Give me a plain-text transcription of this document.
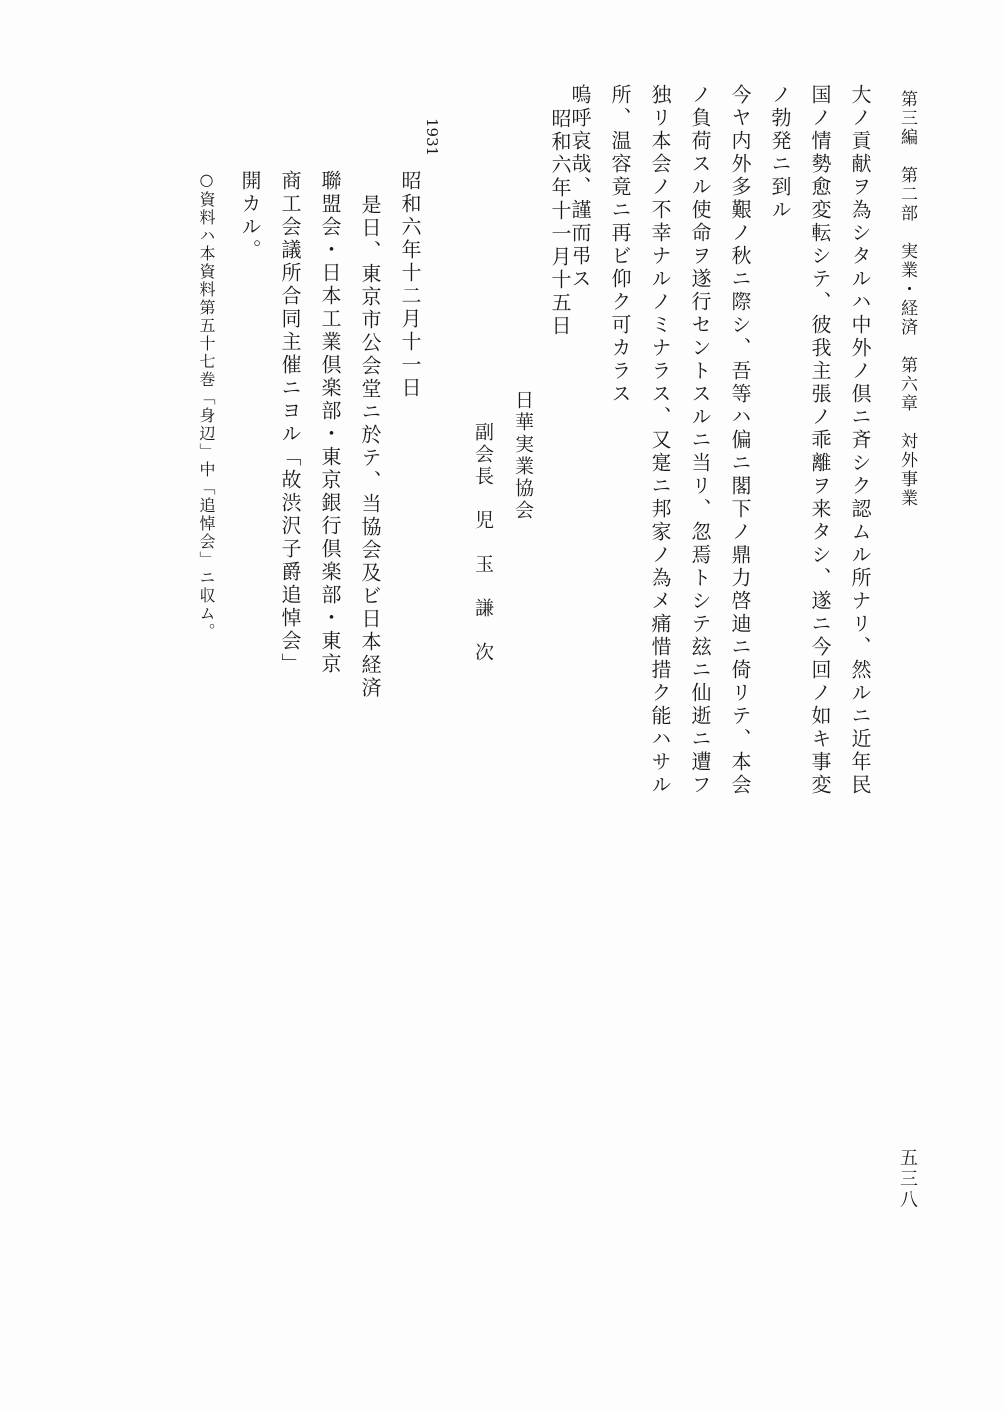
第三編　第二部　実業・経済　第六章　対外事業
大ノ貢献ヲ為シタルハ中外ノ倶ニ斉シク認ムル所ナリ、然ルニ近年民
国ノ情勢愈変転シテ、彼我主張ノ乖離ヲ来タシ、遂ニ今回ノ如キ事変
ノ勃発ニ到ル
今ヤ内外多艱ノ秋ニ際シ、吾等ハ偏ニ閣下ノ鼎力啓迪ニ倚リテ、本会
ノ負荷スル使命ヲ遂行セントスルニ当リ、忽焉トシテ玆ニ仙逝ニ遭フ
独リ本会ノ不幸ナルノミナラス、又寔ニ邦家ノ為メ痛惜措ク能ハサル
所、温容竟ニ再ビ仰ク可カラス
嗚呼哀哉、謹而弔ス
昭和六年十一月十五日
日華実業協会
副会長　児　玉　謙　次
1931
昭和六年十二月十一日
是日、東京市公会堂ニ於テ、当協会及ビ日本経済
聯盟会・日本工業倶楽部・東京銀行倶楽部・東京
商工会議所合同主催ニヨル「故渋沢子爵追悼会」
開カル。
○資料ハ本資料第五十七巻「身辺」中「追悼会」ニ収ム。
五三八
